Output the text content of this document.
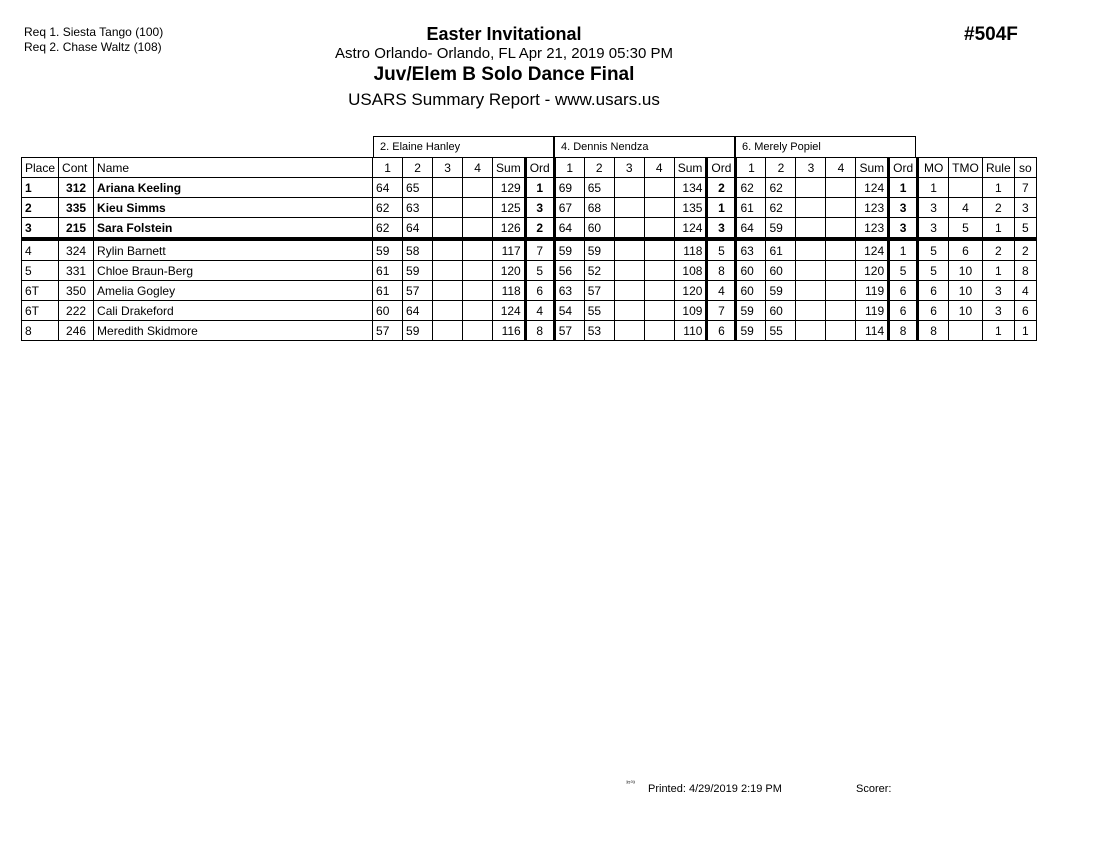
Req 1. Siesta Tango (100)
Req 2. Chase Waltz (108)
#504F
Easter Invitational
Astro Orlando- Orlando, FL Apr 21, 2019 05:30 PM
Juv/Elem B Solo Dance Final
USARS Summary Report - www.usars.us
2. Elaine Hanley	4. Dennis Nendza	6. Merely Popiel
Place	Cont	Name	1	2	3	4	Sum	Ord	1	2	3	4	Sum	Ord	1	2	3	4	Sum	Ord	MO	TMO	Rule	so
1	312	Ariana Keeling	64	65			129	1	69	65			134	2	62	62			124	1	1		1	7
2	335	Kieu Simms	62	63			125	3	67	68			135	1	61	62			123	3	3	4	2	3
3	215	Sara Folstein	62	64			126	2	64	60			124	3	64	59			123	3	3	5	1	5
4	324	Rylin Barnett	59	58			117	7	59	59			118	5	63	61			124	1	5	6	2	2
5	331	Chloe Braun-Berg	61	59			120	5	56	52			108	8	60	60			120	5	5	10	1	8
6T	350	Amelia Gogley	61	57			118	6	63	57			120	4	60	59			119	6	6	10	3	4
6T	222	Cali Drakeford	60	64			124	4	54	55			109	7	59	60			119	6	6	10	3	6
8	246	Meredith Skidmore	57	59			116	8	57	53			110	6	59	55			114	8	8		1	1
³⁵⁰³ Printed: 4/29/2019 2:19 PM	Scorer:
